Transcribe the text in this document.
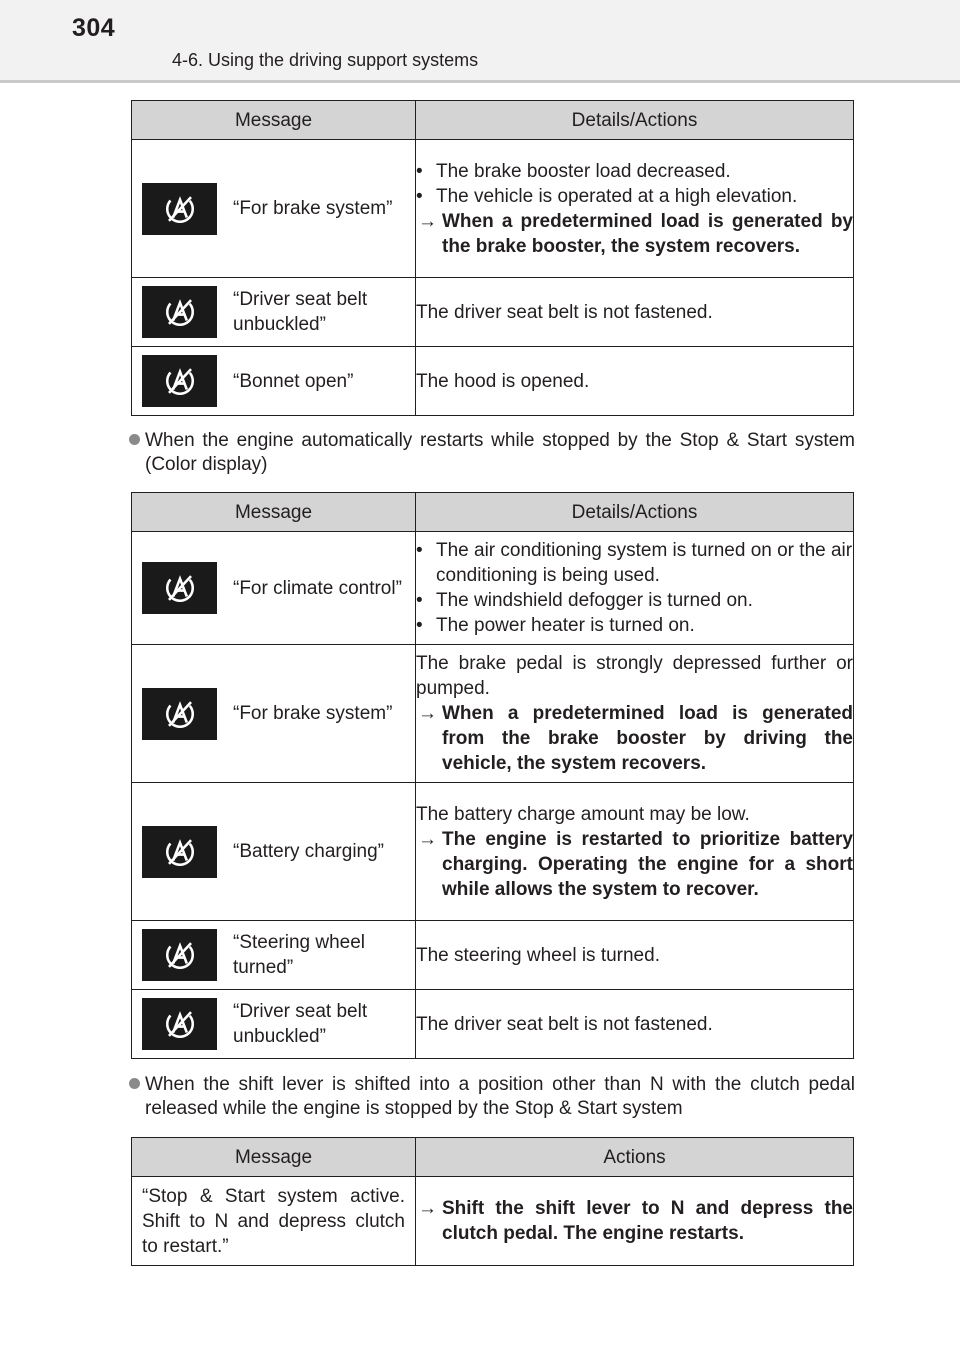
304
4-6. Using the driving support systems
Message	Details/Actions

“For brake system”	• The brake booster load decreased.
• The vehicle is operated at a high elevation.
→ When a predetermined load is generated by the brake booster, the system recovers.

“Driver seat belt unbuckled”	The driver seat belt is not fastened.

“Bonnet open”	The hood is opened.
When the engine automatically restarts while stopped by the Stop & Start system (Color display)
Message	Details/Actions

“For climate control”	• The air conditioning system is turned on or the air conditioning is being used.
• The windshield defogger is turned on.
• The power heater is turned on.

“For brake system”	The brake pedal is strongly depressed further or pumped.
→ When a predetermined load is generated from the brake booster by driving the vehicle, the system recovers.

“Battery charging”	The battery charge amount may be low.
→ The engine is restarted to prioritize battery charging. Operating the engine for a short while allows the system to recover.

“Steering wheel turned”	The steering wheel is turned.

“Driver seat belt unbuckled”	The driver seat belt is not fastened.
When the shift lever is shifted into a position other than N with the clutch pedal released while the engine is stopped by the Stop & Start system
Message	Actions

“Stop & Start system active. Shift to N and depress clutch to restart.”	→ Shift the shift lever to N and depress the clutch pedal. The engine restarts.
